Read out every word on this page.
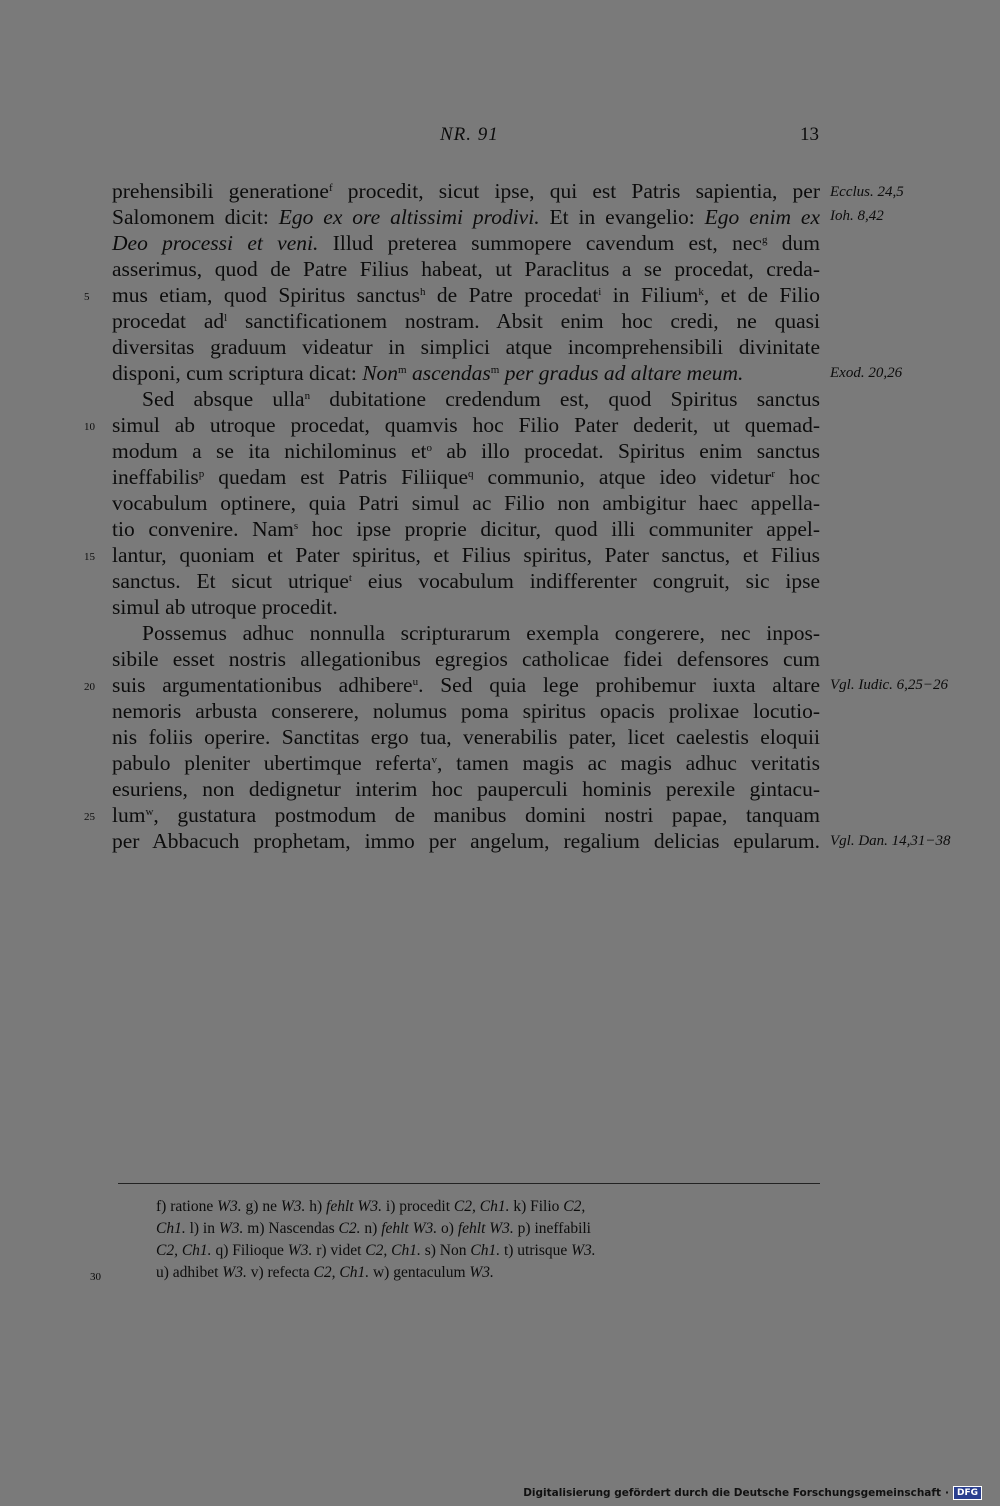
NR. 91	13
prehensibili generatione$^f$ procedit, sicut ipse, qui est Patris sapientia, per
Salomonem dicit: Ego ex ore altissimi prodivi. Et in evangelio: Ego enim ex
Deo processi et veni. Illud preterea summopere cavendum est, nec$^g$ dum
asserimus, quod de Patre Filius habeat, ut Paraclitus a se procedat, creda-
mus etiam, quod Spiritus sanctus$^h$ de Patre procedat$^i$ in Filium$^k$, et de Filio
procedat $ad^l$ sanctificationem nostram. Absit enim hoc credi, ne quasi
diversitas graduum videatur in simplici atque incomprehensibili divinitate
disponi, cum scriptura dicat: Non$^m$ ascendas$^m$ per gradus ad altare meum.
Sed absque ulla$^n$ dubitatione credendum est, quod Spiritus sanctus
simul ab utroque procedat, quamvis hoc Filio Pater dederit, ut quemad-
modum a se ita nichilominus $et^o$ ab illo procedat. Spiritus enim sanctus
ineffabilis$^p$ quedam est Patris Filiique$^q$ communio, atque ideo videtur$^r$ hoc
vocabulum optinere, quia Patri simul ac Filio non ambigitur haec appella-
tio convenire. Nam$^s$ hoc ipse proprie dicitur, quod illi communiter appel-
lantur, quoniam et Pater spiritus, et Filius spiritus, Pater sanctus, et Filius
sanctus. Et sicut utrique$^t$ eius vocabulum indifferenter congruit, sic ipse
simul ab utroque procedit.
Possemus adhuc nonnulla scripturarum exempla congerere, nec inpos-
sibile esset nostris allegationibus egregios catholicae fidei defensores cum
suis argumentationibus adhibere$^u$. Sed quia lege prohibemur iuxta altare
nemoris arbusta conserere, nolumus poma spiritus opacis prolixae locutio-
nis foliis operire. Sanctitas ergo tua, venerabilis pater, licet caelestis eloquii
pabulo pleniter ubertimque referta$^v$, tamen magis ac magis adhuc veritatis
esuriens, non dedignetur interim hoc pauperculi hominis perexile gintacu-
lum$^w$, gustatura postmodum de manibus domini nostri papae, tanquam
per Abbacuch prophetam, immo per angelum, regalium delicias epularum.
5
10
15
20
25
Ecclus. 24,5
Ioh. 8,42
Exod. 20,26
Vgl. Iudic. 6,25−26
Vgl. Dan. 14,31−38
f) ratione W3. g) ne W3. h) fehlt W3. i) procedit C2, Ch1. k) Filio C2,
Ch1. l) in W3. m) Nascendas C2. n) fehlt W3. o) fehlt W3. p) ineffabili
C2, Ch1. q) Filioque W3. r) videt C2, Ch1. s) Non Ch1. t) utrisque W3.
u) adhibet W3. v) refecta C2, Ch1. w) gentaculum W3.
30
Digitalisierung gefördert durch die Deutsche Forschungsgemeinschaft · DFG
